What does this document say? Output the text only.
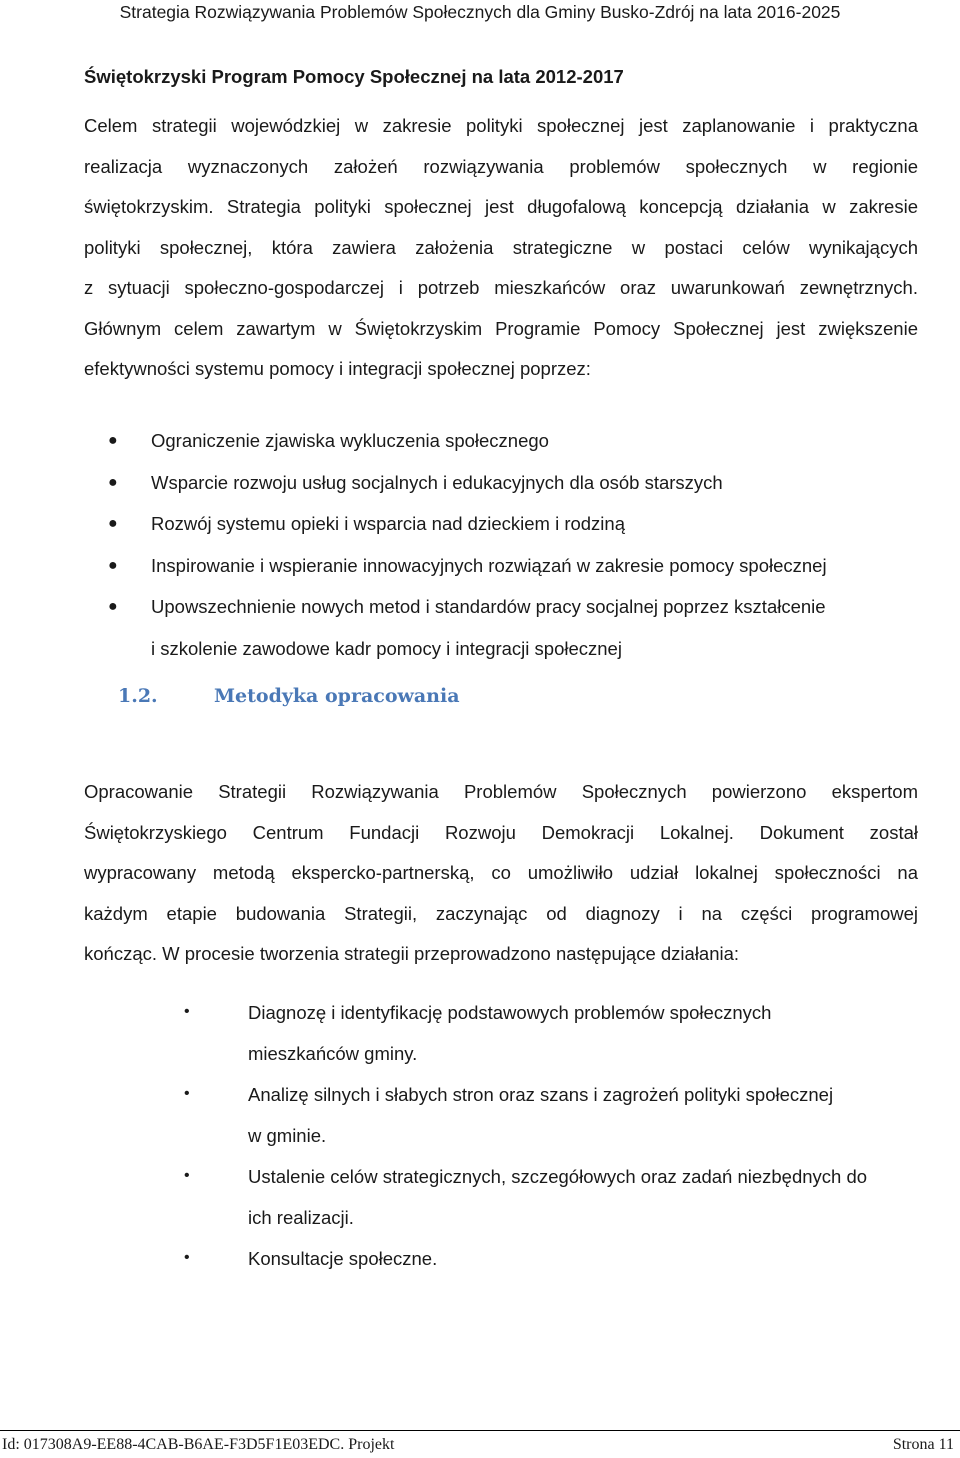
Strategia Rozwiązywania Problemów Społecznych dla Gminy Busko-Zdrój na lata 2016-2025
Świętokrzyski Program Pomocy Społecznej na lata 2012-2017

Celem strategii wojewódzkiej w zakresie polityki społecznej jest zaplanowanie i praktyczna
realizacja wyznaczonych założeń rozwiązywania problemów społecznych w regionie
świętokrzyskim. Strategia polityki społecznej jest długofalową koncepcją działania w zakresie
polityki społecznej, która zawiera założenia strategiczne w postaci celów wynikających
z sytuacji społeczno-gospodarczej i potrzeb mieszkańców oraz uwarunkowań zewnętrznych.
Głównym celem zawartym w Świętokrzyskim Programie Pomocy Społecznej jest zwiększenie
efektywności systemu pomocy i integracji społecznej poprzez:

● Ograniczenie zjawiska wykluczenia społecznego
● Wsparcie rozwoju usług socjalnych i edukacyjnych dla osób starszych
● Rozwój systemu opieki i wsparcia nad dzieckiem i rodziną
● Inspirowanie i wspieranie innowacyjnych rozwiązań w zakresie pomocy społecznej
● Upowszechnienie nowych metod i standardów pracy socjalnej poprzez kształcenie
i szkolenie zawodowe kadr pomocy i integracji społecznej
1.2.	Metodyka opracowania

Opracowanie Strategii Rozwiązywania Problemów Społecznych powierzono ekspertom
Świętokrzyskiego Centrum Fundacji Rozwoju Demokracji Lokalnej. Dokument został
wypracowany metodą ekspercko-partnerską, co umożliwiło udział lokalnej społeczności na
każdym etapie budowania Strategii, zaczynając od diagnozy i na części programowej
kończąc. W procesie tworzenia strategii przeprowadzono następujące działania:

•	Diagnozę i identyfikację podstawowych problemów społecznych
mieszkańców gminy.
•	Analizę silnych i słabych stron oraz szans i zagrożeń polityki społecznej
w gminie.
•	Ustalenie celów strategicznych, szczegółowych oraz zadań niezbędnych do
ich realizacji.
•	Konsultacje społeczne.
Id: 017308A9-EE88-4CAB-B6AE-F3D5F1E03EDC. Projekt	Strona 11
